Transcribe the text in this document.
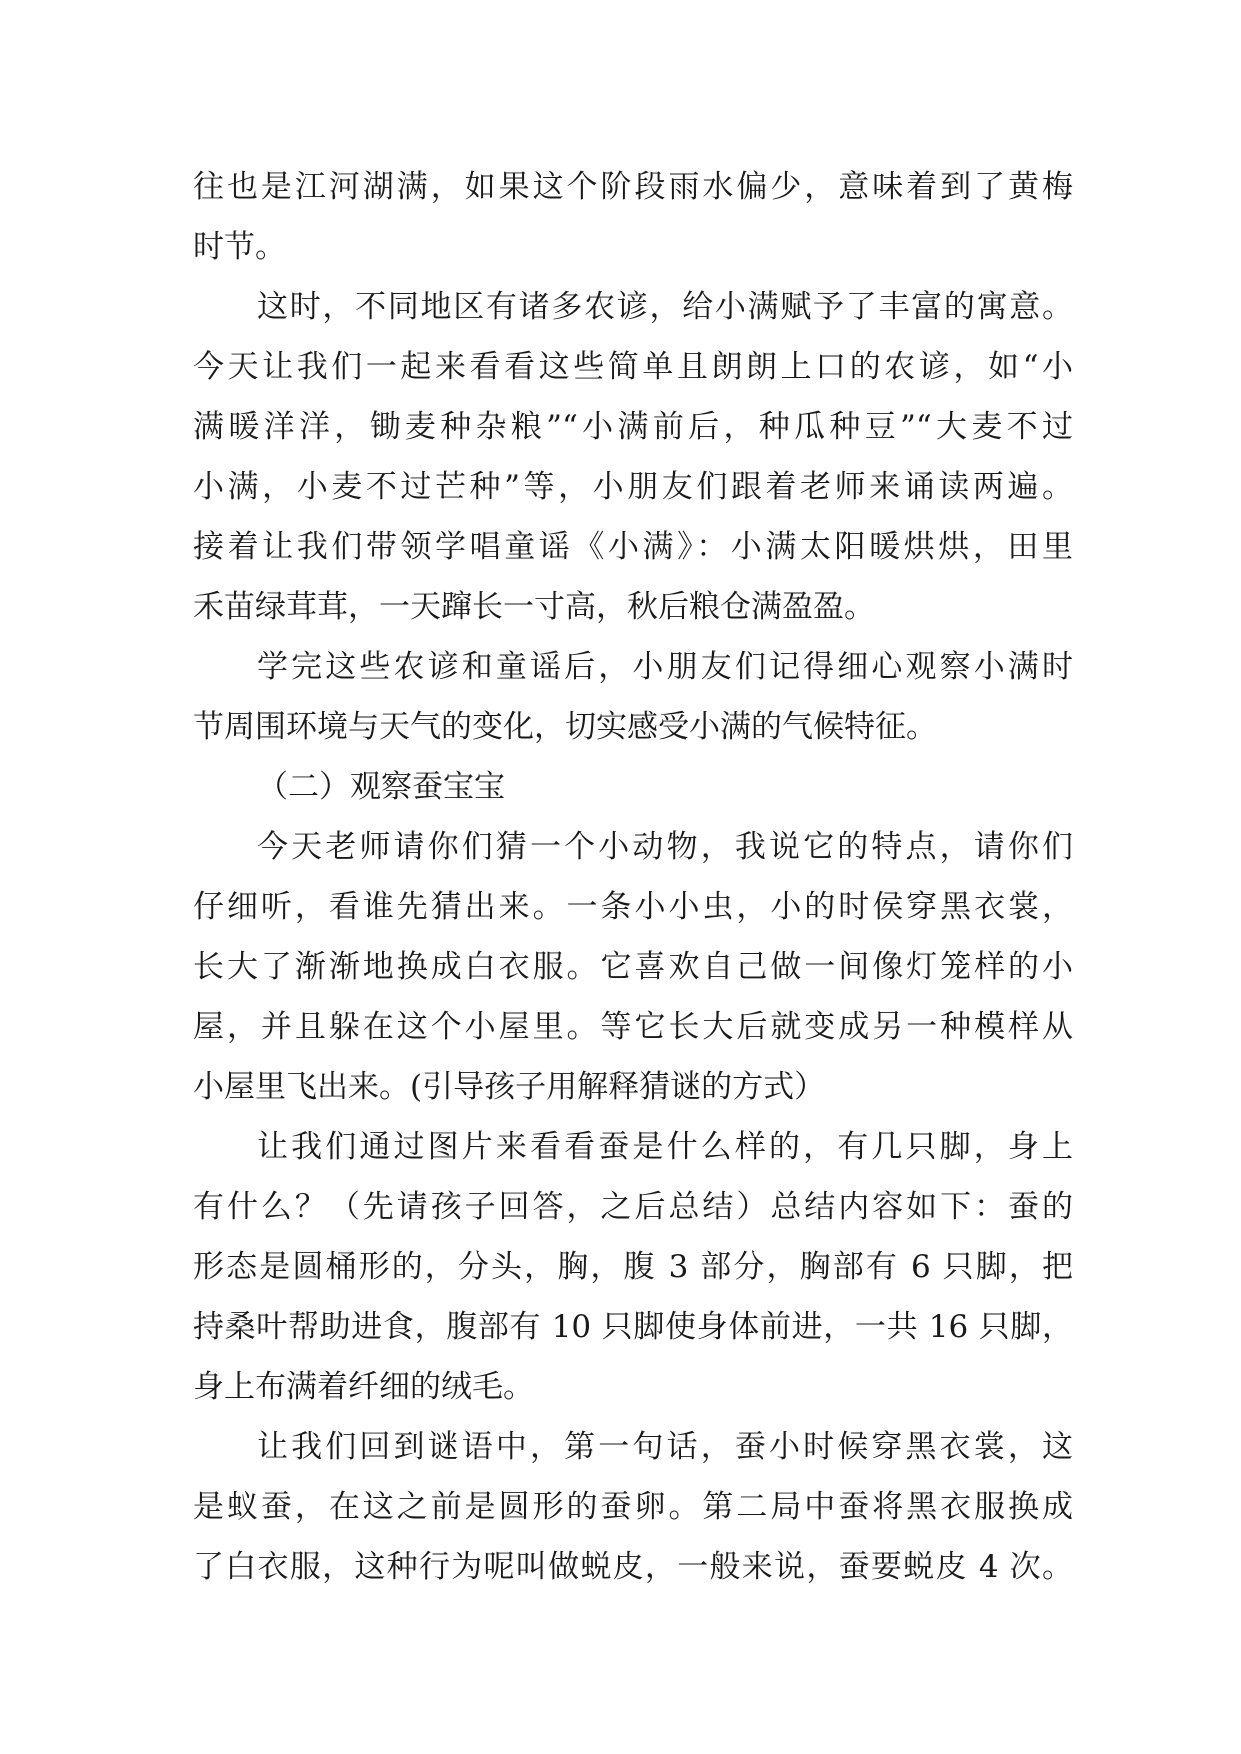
往也是江河湖满，如果这个阶段雨水偏少，意味着到了黄梅
时节。
这时，不同地区有诸多农谚，给小满赋予了丰富的寓意。
今天让我们一起来看看这些简单且朗朗上口的农谚，如“小
满暖洋洋，锄麦种杂粮”“小满前后，种瓜种豆”“大麦不过
小满，小麦不过芒种”等，小朋友们跟着老师来诵读两遍。
接着让我们带领学唱童谣《小满》：小满太阳暖烘烘，田里
禾苗绿茸茸，一天蹿长一寸高，秋后粮仓满盈盈。
学完这些农谚和童谣后，小朋友们记得细心观察小满时
节周围环境与天气的变化，切实感受小满的气候特征。
（二）观察蚕宝宝
今天老师请你们猜一个小动物，我说它的特点，请你们
仔细听，看谁先猜出来。一条小小虫，小的时侯穿黑衣裳，
长大了渐渐地换成白衣服。它喜欢自己做一间像灯笼样的小
屋，并且躲在这个小屋里。等它长大后就变成另一种模样从
小屋里飞出来。(引导孩子用解释猜谜的方式）
让我们通过图片来看看蚕是什么样的，有几只脚，身上
有什么？（先请孩子回答，之后总结）总结内容如下：蚕的
形态是圆桶形的，分头，胸，腹 3 部分，胸部有 6 只脚，把
持桑叶帮助进食，腹部有 10 只脚使身体前进，一共 16 只脚，
身上布满着纤细的绒毛。
让我们回到谜语中，第一句话，蚕小时候穿黑衣裳，这
是蚁蚕，在这之前是圆形的蚕卵。第二局中蚕将黑衣服换成
了白衣服，这种行为呢叫做蜕皮，一般来说，蚕要蜕皮 4 次。
